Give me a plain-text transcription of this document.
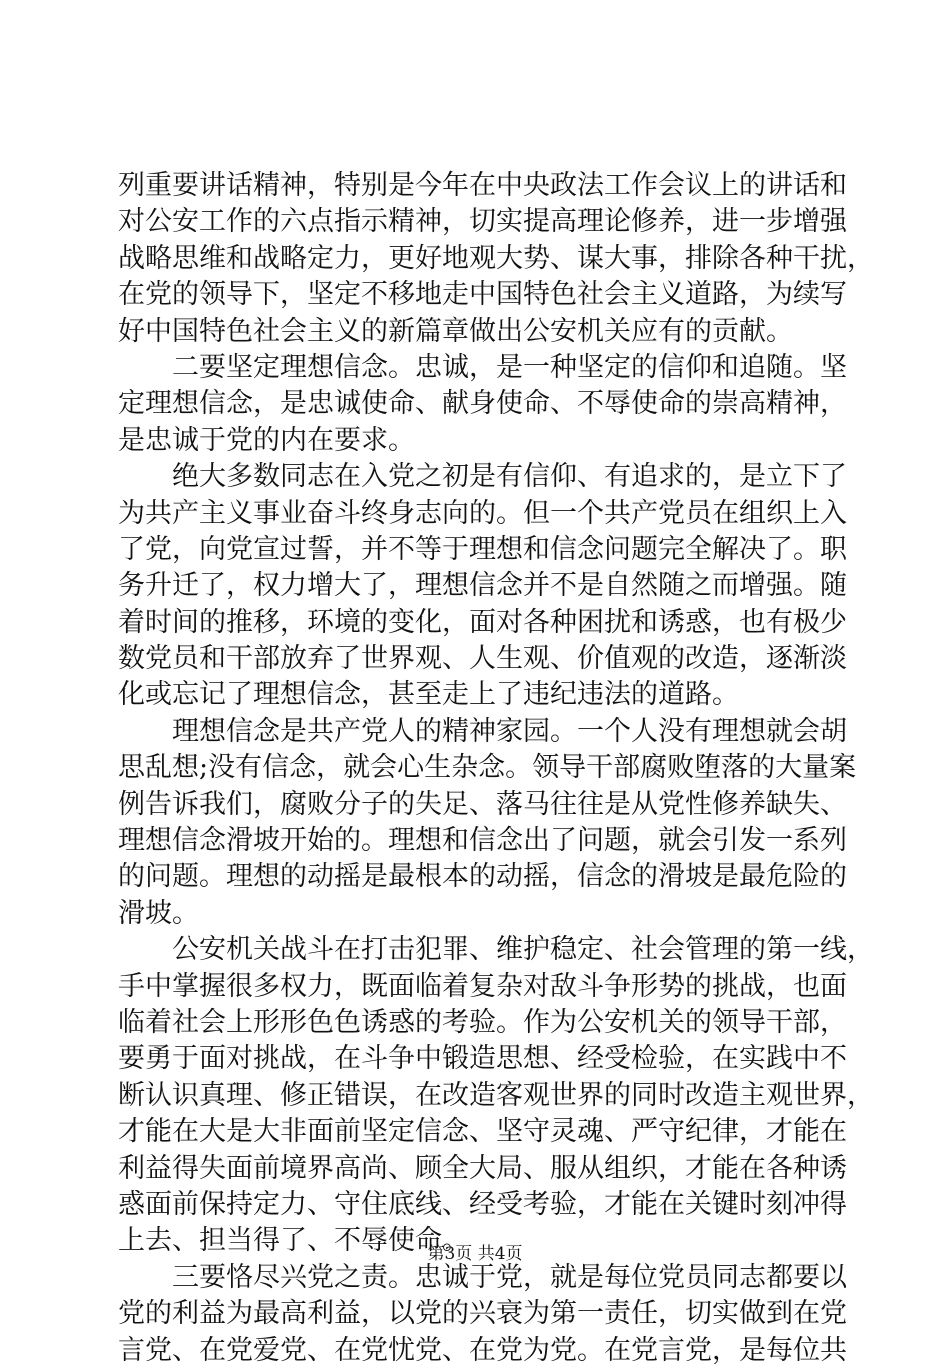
列重要讲话精神，特别是今年在中央政法工作会议上的讲话和
对公安工作的六点指示精神，切实提高理论修养，进一步增强
战略思维和战略定力，更好地观大势、谋大事，排除各种干扰，
在党的领导下，坚定不移地走中国特色社会主义道路，为续写
好中国特色社会主义的新篇章做出公安机关应有的贡献。
　　二要坚定理想信念。忠诚，是一种坚定的信仰和追随。坚
定理想信念，是忠诚使命、献身使命、不辱使命的崇高精神，
是忠诚于党的内在要求。
　　绝大多数同志在入党之初是有信仰、有追求的，是立下了
为共产主义事业奋斗终身志向的。但一个共产党员在组织上入
了党，向党宣过誓，并不等于理想和信念问题完全解决了。职
务升迁了，权力增大了，理想信念并不是自然随之而增强。随
着时间的推移，环境的变化，面对各种困扰和诱惑，也有极少
数党员和干部放弃了世界观、人生观、价值观的改造，逐渐淡
化或忘记了理想信念，甚至走上了违纪违法的道路。
　　理想信念是共产党人的精神家园。一个人没有理想就会胡
思乱想;没有信念，就会心生杂念。领导干部腐败堕落的大量案
例告诉我们，腐败分子的失足、落马往往是从党性修养缺失、
理想信念滑坡开始的。理想和信念出了问题，就会引发一系列
的问题。理想的动摇是最根本的动摇，信念的滑坡是最危险的
滑坡。
　　公安机关战斗在打击犯罪、维护稳定、社会管理的第一线，
手中掌握很多权力，既面临着复杂对敌斗争形势的挑战，也面
临着社会上形形色色诱惑的考验。作为公安机关的领导干部，
要勇于面对挑战，在斗争中锻造思想、经受检验，在实践中不
断认识真理、修正错误，在改造客观世界的同时改造主观世界，
才能在大是大非面前坚定信念、坚守灵魂、严守纪律，才能在
利益得失面前境界高尚、顾全大局、服从组织，才能在各种诱
惑面前保持定力、守住底线、经受考验，才能在关键时刻冲得
上去、担当得了、不辱使命。
　　三要恪尽兴党之责。忠诚于党，就是每位党员同志都要以
党的利益为最高利益，以党的兴衰为第一责任，切实做到在党
言党、在党爱党、在党忧党、在党为党。在党言党，是每位共
第3页 共4页
